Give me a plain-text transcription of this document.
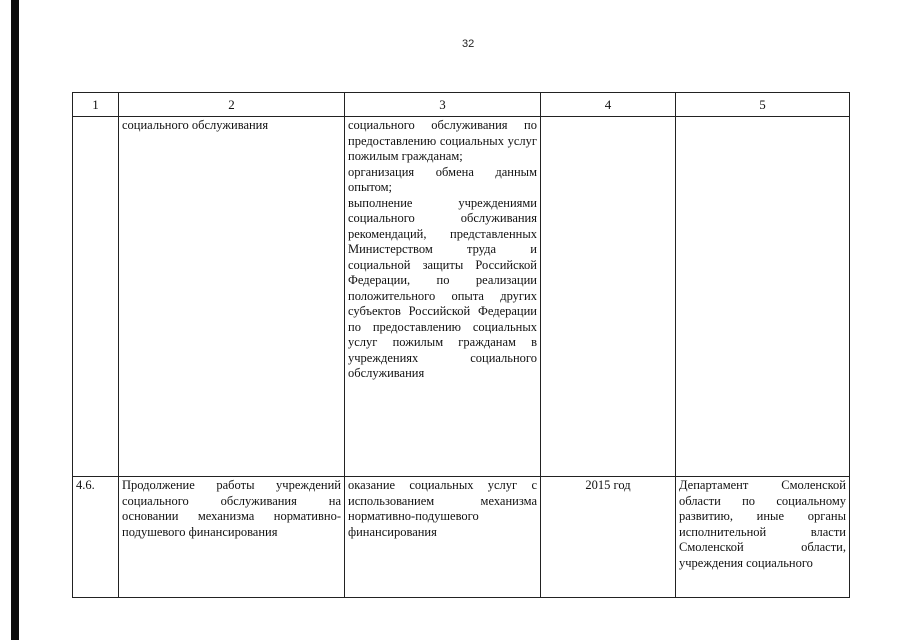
32
1	2	3	4	5
	социального обслуживания	социального обслуживания по предоставлению социальных услуг пожилым гражданам;
организация обмена данным опытом;
выполнение учреждениями социального обслуживания рекомендаций, представленных Министерством труда и социальной защиты Российской Федерации, по реализации положительного опыта других субъектов Российской Федерации по предоставлению социальных услуг пожилым гражданам в учреждениях социального обслуживания		

4.6.	Продолжение работы учреждений социального обслуживания на основании механизма нормативно-подушевого финансирования	оказание социальных услуг с использованием механизма нормативно-подушевого финансирования	2015 год	Департамент Смоленской области по социальному развитию, иные органы исполнительной власти Смоленской области, учреждения социального
